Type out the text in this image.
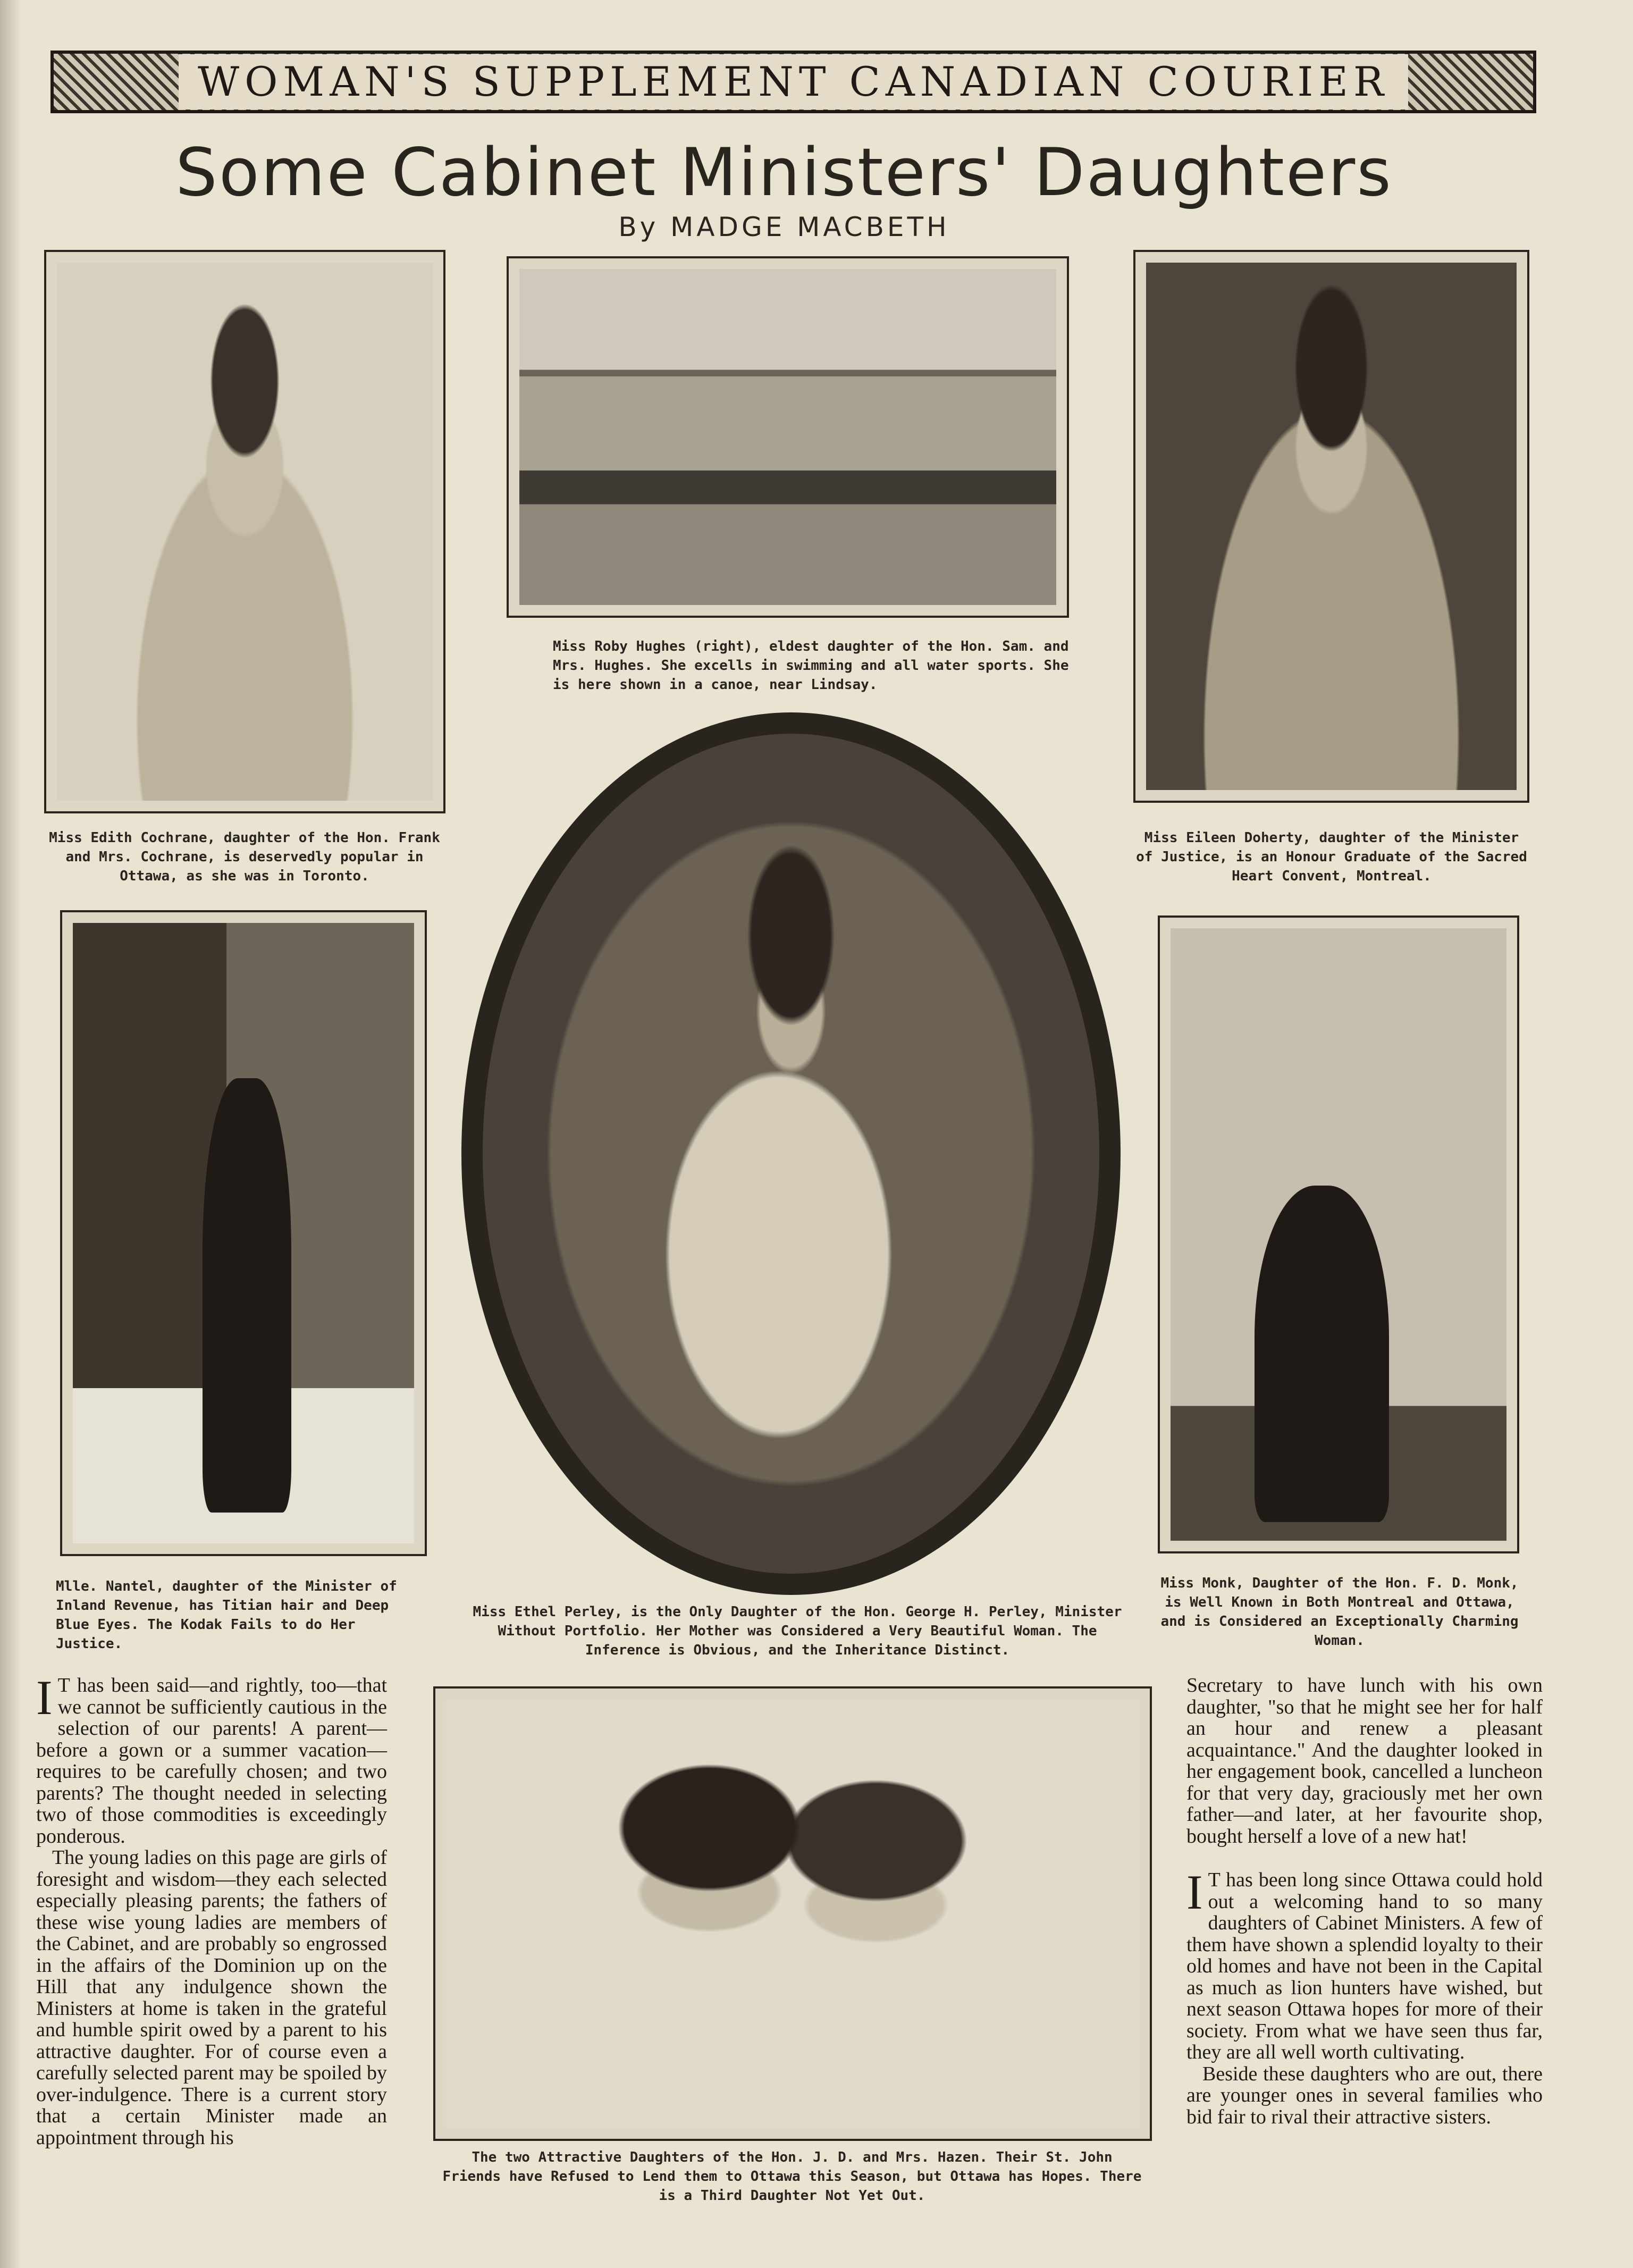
WOMAN'S SUPPLEMENT CANADIAN COURIER
Some Cabinet Ministers' Daughters
By MADGE MACBETH
Miss Edith Cochrane, daughter of the Hon. Frank and Mrs. Cochrane, is deservedly popular in Ottawa, as she was in Toronto.
Miss Roby Hughes (right), eldest daughter of the Hon. Sam. and Mrs. Hughes. She excells in swimming and all water sports. She is here shown in a canoe, near Lindsay.
Miss Eileen Doherty, daughter of the Minister of Justice, is an Honour Graduate of the Sacred Heart Convent, Montreal.
Mlle. Nantel, daughter of the Minister of Inland Revenue, has Titian hair and Deep Blue Eyes. The Kodak Fails to do Her Justice.
Miss Ethel Perley, is the Only Daughter of the Hon. George H. Perley, Minister Without Portfolio. Her Mother was Considered a Very Beautiful Woman. The Inference is Obvious, and the Inheritance Distinct.
Miss Monk, Daughter of the Hon. F. D. Monk, is Well Known in Both Montreal and Ottawa, and is Considered an Exceptionally Charming Woman.
The two Attractive Daughters of the Hon. J. D. and Mrs. Hazen. Their St. John Friends have Refused to Lend them to Ottawa this Season, but Ottawa has Hopes. There is a Third Daughter Not Yet Out.

I T has been said—and rightly, too—that we cannot be sufficiently cautious in the selection of our parents! A parent—before a gown or a summer vacation—requires to be carefully chosen; and two parents? The thought needed in selecting two of those commodities is exceedingly ponderous.

The young ladies on this page are girls of foresight and wisdom—they each selected especially pleasing parents; the fathers of these wise young ladies are members of the Cabinet, and are probably so engrossed in the affairs of the Dominion up on the Hill that any indulgence shown the Ministers at home is taken in the grateful and humble spirit owed by a parent to his attractive daughter. For of course even a carefully selected parent may be spoiled by over-indulgence. There is a current story that a certain Minister made an appointment through his

Secretary to have lunch with his own daughter, "so that he might see her for half an hour and renew a pleasant acquaintance." And the daughter looked in her engagement book, cancelled a luncheon for that very day, graciously met her own father—and later, at her favourite shop, bought herself a love of a new hat!

I T has been long since Ottawa could hold out a welcoming hand to so many daughters of Cabinet Ministers. A few of them have shown a splendid loyalty to their old homes and have not been in the Capital as much as lion hunters have wished, but next season Ottawa hopes for more of their society. From what we have seen thus far, they are all well worth cultivating.

Beside these daughters who are out, there are younger ones in several families who bid fair to rival their attractive sisters.
